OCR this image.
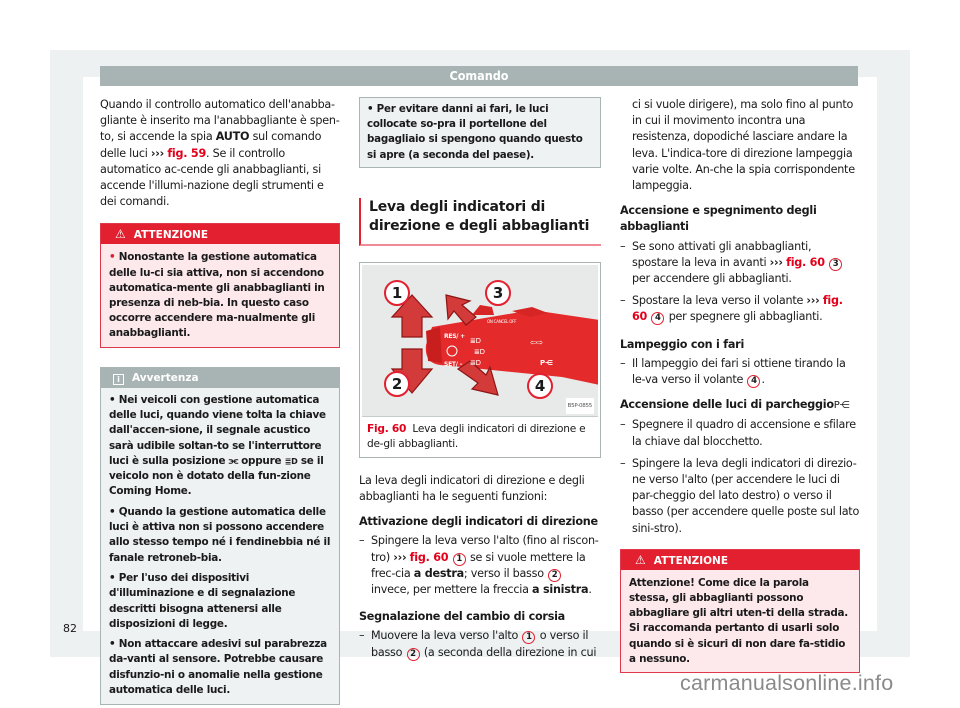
Comando

Quando il controllo automatico dell'anabba-gliante è inserito ma l'anabbagliante è spen-to, si accende la spia AUTO sul comando delle luci ››› fig. 59. Se il controllo automatico ac-cende gli anabbaglianti, si accende l'illumi-nazione degli strumenti e dei comandi.

⚠ ATTENZIONE
• Nonostante la gestione automatica delle lu-ci sia attiva, non si accendono automatica-mente gli anabbaglianti in presenza di neb-bia. In questo caso occorre accendere ma-nualmente gli anabbaglianti.
i Avvertenza

• Nei veicoli con gestione automatica delle luci, quando viene tolta la chiave dall'accen-sione, il segnale acustico sarà udibile soltan-to se l'interruttore luci è sulla posizione ⫘ oppure ≣D se il veicolo non è dotato della fun-zione Coming Home.

• Quando la gestione automatica delle luci è attiva non si possono accendere allo stesso tempo né i fendinebbia né il fanale retroneb-bia.

• Per l'uso dei dispositivi d'illuminazione e di segnalazione descritti bisogna attenersi alle disposizioni di legge.

• Non attaccare adesivi sul parabrezza da-vanti al sensore. Potrebbe causare disfunzio-ni o anomalie nella gestione automatica delle luci.

• Per evitare danni ai fari, le luci collocate so-pra il portellone del bagagliaio si spengono quando questo si apre (a seconda del paese).
Leva degli indicatori di direzione e degli abbaglianti
RES/ +
SET/ –
ON CANCEL OFF
≣D
≣D
≣D
⇦⇨
P⋲
1
2
3
4
B5P-0855
Fig. 60 Leva degli indicatori di direzione e de-gli abbaglianti.

La leva degli indicatori di direzione e degli abbaglianti ha le seguenti funzioni:

Attivazione degli indicatori di direzione

– Spingere la leva verso l'alto (fino al riscon-tro) ››› fig. 60 1 se si vuole mettere la frec-cia a destra; verso il basso 2 invece, per mettere la freccia a sinistra.

Segnalazione del cambio di corsia

– Muovere la leva verso l'alto 1 o verso il basso 2 (a seconda della direzione in cui

ci si vuole dirigere), ma solo fino al punto in cui il movimento incontra una resistenza, dopodiché lasciare andare la leva. L'indica-tore di direzione lampeggia varie volte. An-che la spia corrispondente lampeggia.

Accensione e spegnimento degli abbaglianti

– Se sono attivati gli anabbaglianti, spostare la leva in avanti ››› fig. 60 3 per accendere gli abbaglianti.
– Spostare la leva verso il volante ››› fig. 60 4 per spegnere gli abbaglianti.

Lampeggio con i fari

– Il lampeggio dei fari si ottiene tirando la le-va verso il volante 4 .

Accensione delle luci di parcheggioP⋲

– Spegnere il quadro di accensione e sfilare la chiave dal blocchetto.
– Spingere la leva degli indicatori di direzio-ne verso l'alto (per accendere le luci di par-cheggio del lato destro) o verso il basso (per accendere quelle poste sul lato sini-stro).
⚠ ATTENZIONE
Attenzione! Come dice la parola stessa, gli abbaglianti possono abbagliare gli altri uten-ti della strada. Si raccomanda pertanto di usarli solo quando si è sicuri di non dare fa-stidio a nessuno.
82
carmanualsonline.info
